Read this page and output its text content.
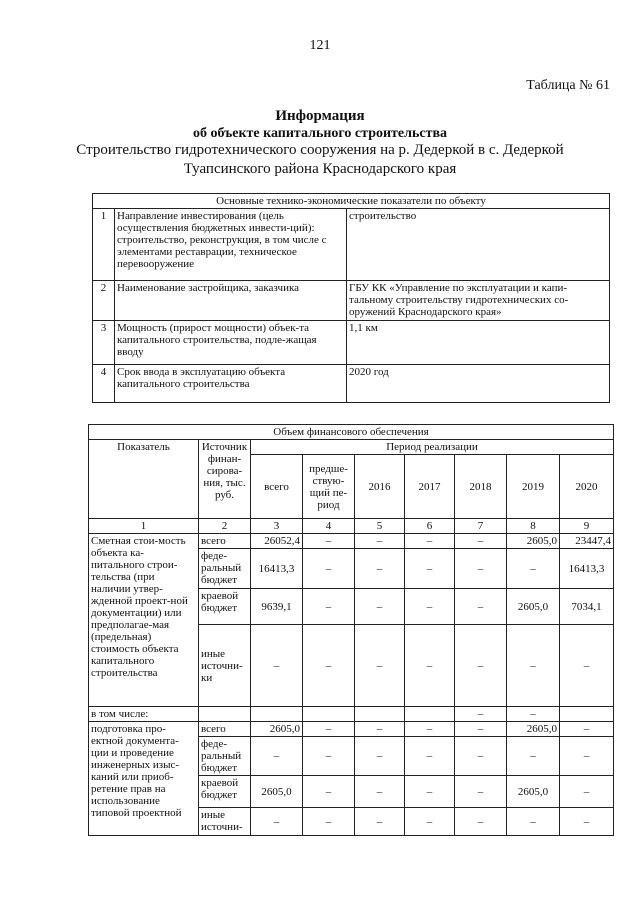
121
Таблица № 61
Информация
об объекте капитального строительства
Строительство гидротехнического сооружения на р. Дедеркой в с. Дедеркой
Туапсинского района Краснодарского края
Основные технико-экономические показатели по объекту		
1	Направление инвестирования (цель осуществления бюджетных инвести-ций): строительство, реконструкция, в том числе с элементами реставрации, техническое перевооружение	строительство
2	Наименование застройщика, заказчика	ГБУ КК «Управление по эксплуатации и капи-тальному строительству гидротехнических со-оружений Краснодарского края»
3	Мощность (прирост мощности) объек-та капитального строительства, подле-жащая вводу	1,1 км
4	Срок ввода в эксплуатацию объекта капитального строительства	2020 год
Объем финансового обеспечения								
Показатель	Источник финан-сирова-ния, тыс. руб.	Период реализации						
		всего	предше-ствую-щий пе-риод	2016	2017	2018	2019	2020
1	2	3	4	5	6	7	8	9
Сметная стои-мость объекта ка-питального строи-тельства (при наличии утвер-жденной проект-ной документации) или предполагае-мая (предельная) стоимость объекта капитального строительства	всего	26052,4	–	–	–	–	2605,0	23447,4
	феде-ральный бюджет	16413,3	–	–	–	–	–	16413,3
	краевой бюджет	9639,1	–	–	–	–	2605,0	7034,1
	иные источни-ки	–	–	–	–	–	–	–
в том числе:						–	–	
подготовка про-ектной документа-ции и проведение инженерных изыс-каний или приоб-ретение прав на использование типовой проектной	всего	2605,0	–	–	–	–	2605,0	–
	феде-ральный бюджет	–	–	–	–	–	–	–
	краевой бюджет	2605,0	–	–	–	–	2605,0	–
	иные источни-	–	–	–	–	–	–	–
